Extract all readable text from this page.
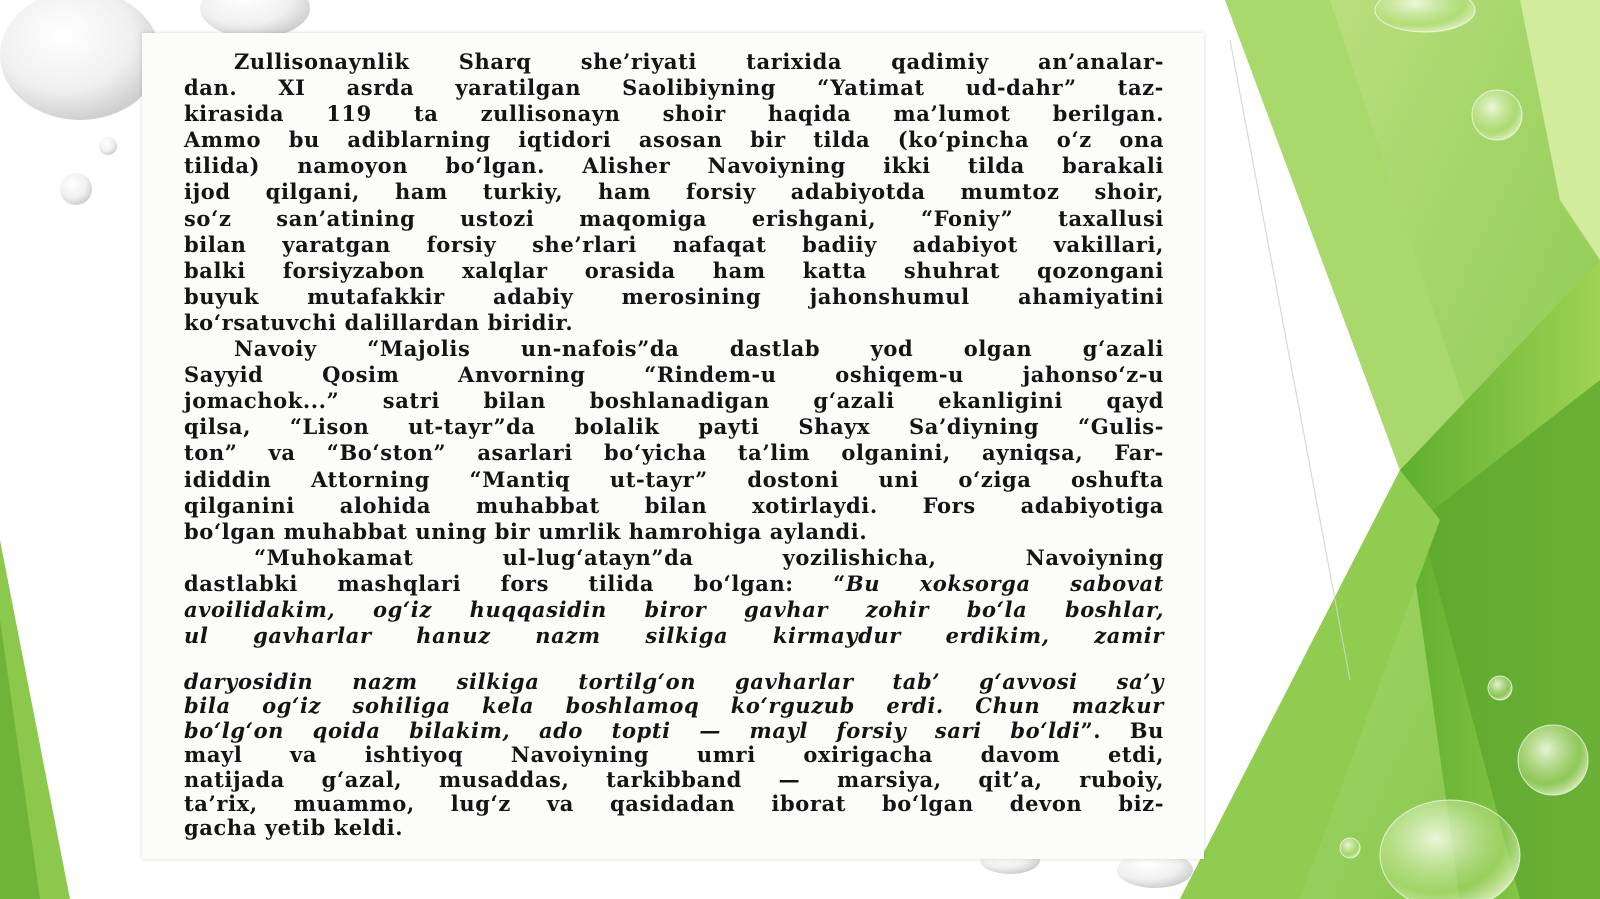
Zullisonaynlik Sharq she’riyati tarixida qadimiy an’analar-
dan. XI asrda yaratilgan Saolibiyning “Yatimat ud-dahr” taz-
kirasida 119 ta zullisonayn shoir haqida ma’lumot berilgan.
Ammo bu adiblarning iqtidori asosan bir tilda (ko‘pincha o‘z ona
tilida) namoyon bo‘lgan. Alisher Navoiyning ikki tilda barakali
ijod qilgani, ham turkiy, ham forsiy adabiyotda mumtoz shoir,
so‘z san’atining ustozi maqomiga erishgani, “Foniy” taxallusi
bilan yaratgan forsiy she’rlari nafaqat badiiy adabiyot vakillari,
balki forsiyzabon xalqlar orasida ham katta shuhrat qozongani
buyuk mutafakkir adabiy merosining jahonshumul ahamiyatini
ko‘rsatuvchi dalillardan biridir.
Navoiy “Majolis un-nafois”da dastlab yod olgan g‘azali
Sayyid Qosim Anvorning “Rindem-u oshiqem-u jahonso‘z-u
jomachok...” satri bilan boshlanadigan g‘azali ekanligini qayd
qilsa, “Lison ut-tayr”da bolalik payti Shayx Sa’diyning “Gulis-
ton” va “Bo‘ston” asarlari bo‘yicha ta’lim olganini, ayniqsa, Far-
ididdin Attorning “Mantiq ut-tayr” dostoni uni o‘ziga oshufta
qilganini alohida muhabbat bilan xotirlaydi. Fors adabiyotiga
bo‘lgan muhabbat uning bir umrlik hamrohiga aylandi.
“Muhokamat ul-lug‘atayn”da yozilishicha, Navoiyning
dastlabki mashqlari fors tilida bo‘lgan: “Bu xoksorga sabovat
avoilidakim, og‘iz huqqasidin biror gavhar zohir bo‘la boshlar,
ul gavharlar hanuz nazm silkiga kirmaydur erdikim, zamir
daryosidin nazm silkiga tortilg‘on gavharlar tab’ g‘avvosi sa’y
bila og‘iz sohiliga kela boshlamoq ko‘rguzub erdi. Chun mazkur
bo‘lg‘on qoida bilakim, ado topti — mayl forsiy sari bo‘ldi”. Bu
mayl va ishtiyoq Navoiyning umri oxirigacha davom etdi,
natijada g‘azal, musaddas, tarkibband — marsiya, qit’a, ruboiy,
ta’rix, muammo, lug‘z va qasidadan iborat bo‘lgan devon biz-
gacha yetib keldi.
